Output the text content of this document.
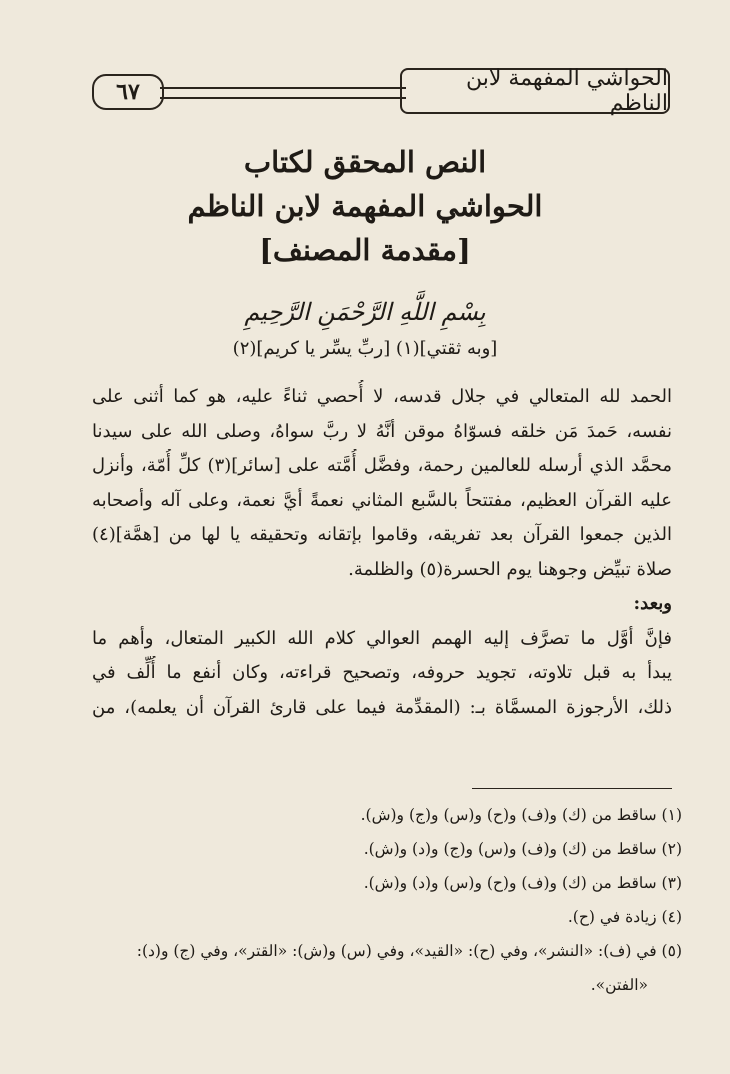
٦٧
الحواشي المفهمة لابن الناظم
النص المحقق لكتاب
الحواشي المفهمة لابن الناظم
[مقدمة المصنف]
بِسْمِ اللَّهِ الرَّحْمَنِ الرَّحِيمِ
[وبه ثقتي](١) [ربِّ يسِّر يا كريم](٢)
الحمد لله المتعالي في جلال قدسه، لا أُحصي ثناءً عليه، هو كما أثنى على
نفسه، حَمدَ مَن خلقه فسوّاهُ موقن أنَّهُ لا ربَّ سواهُ، وصلى الله على سيدنا
محمَّد الذي أرسله للعالمين رحمة، وفضَّل أُمَّته على [سائر](٣) كلِّ أُمّة، وأنزل
عليه القرآن العظيم، مفتتحاً بالسَّبع المثاني نعمةً أيَّ نعمة، وعلى آله وأصحابه
الذين جمعوا القرآن بعد تفريقه، وقاموا بإتقانه وتحقيقه يا لها من [همَّة](٤)
صلاة تبيِّض وجوهنا يوم الحسرة(٥) والظلمة.
وبعد:
فإنَّ أوَّل ما تصرَّف إليه الهمم العوالي كلام الله الكبير المتعال، وأهم ما
يبدأ به قبل تلاوته، تجويد حروفه، وتصحيح قراءته، وكان أنفع ما أُلِّف في
ذلك، الأرجوزة المسمَّاة بـ: (المقدِّمة فيما على قارئ القرآن أن يعلمه)، من
(١) ساقط من (ك) و(ف) و(ح) و(س) و(ج) و(ش).
(٢) ساقط من (ك) و(ف) و(س) و(ج) و(د) و(ش).
(٣) ساقط من (ك) و(ف) و(ح) و(س) و(د) و(ش).
(٤) زيادة في (ح).
(٥) في (ف): «النشر»، وفي (ح): «القيد»، وفي (س) و(ش): «القتر»، وفي (ج) و(د):
«الفتن».
